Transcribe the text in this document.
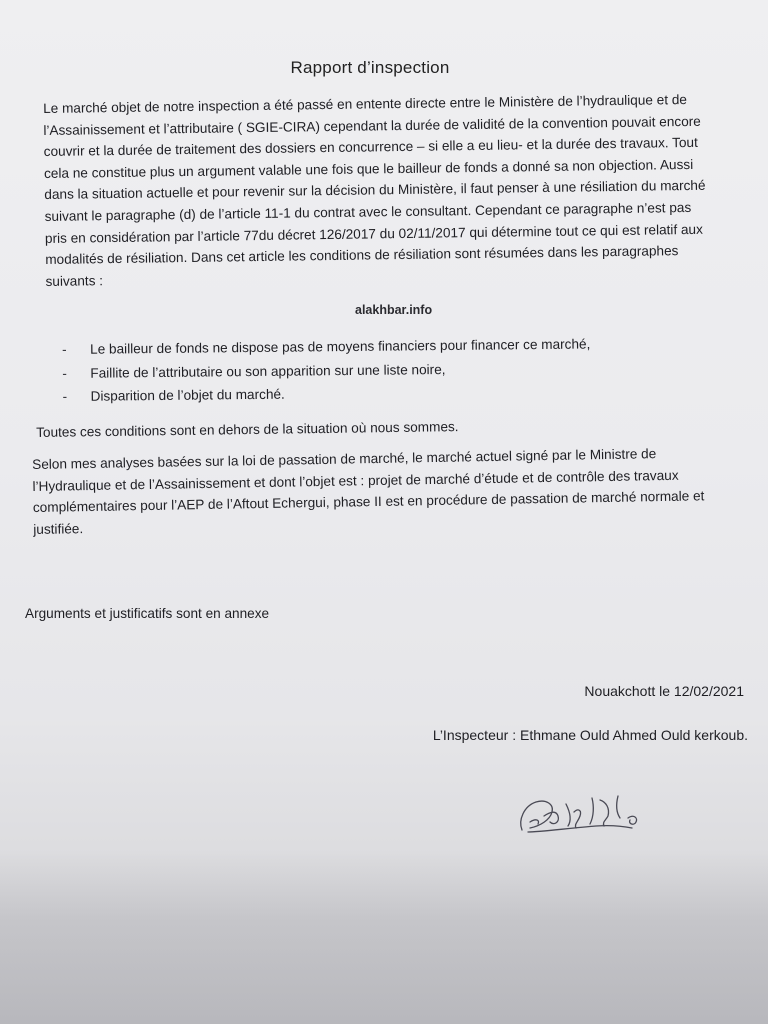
Rapport d’inspection
Le marché objet de notre inspection a été passé en entente directe entre le Ministère de l’hydraulique et de l’Assainissement et l’attributaire ( SGIE-CIRA) cependant la durée de validité de la convention pouvait encore couvrir et la durée de traitement des dossiers en concurrence – si elle a eu lieu- et la durée des travaux. Tout cela ne constitue plus un argument valable une fois que le bailleur de fonds a donné sa non objection. Aussi dans la situation actuelle et pour revenir sur la décision du Ministère, il faut penser à une résiliation du marché suivant le paragraphe (d) de l’article 11-1 du contrat avec le consultant. Cependant ce paragraphe n’est pas pris en considération par l’article 77du décret 126/2017 du 02/11/2017 qui détermine tout ce qui est relatif aux modalités de résiliation. Dans cet article les conditions de résiliation sont résumées dans les paragraphes suivants :
alakhbar.info
- Le bailleur de fonds ne dispose pas de moyens financiers pour financer ce marché,
- Faillite de l’attributaire ou son apparition sur une liste noire,
- Disparition de l’objet du marché.
Toutes ces conditions sont en dehors de la situation où nous sommes.
Selon mes analyses basées sur la loi de passation de marché, le marché actuel signé par le Ministre de l’Hydraulique et de l’Assainissement et dont l’objet est : projet de marché d’étude et de contrôle des travaux complémentaires pour l’AEP de l’Aftout Echergui, phase II est en procédure de passation de marché normale et justifiée.
Arguments et justificatifs sont en annexe
Nouakchott le 12/02/2021
L’Inspecteur : Ethmane Ould Ahmed Ould kerkoub.
